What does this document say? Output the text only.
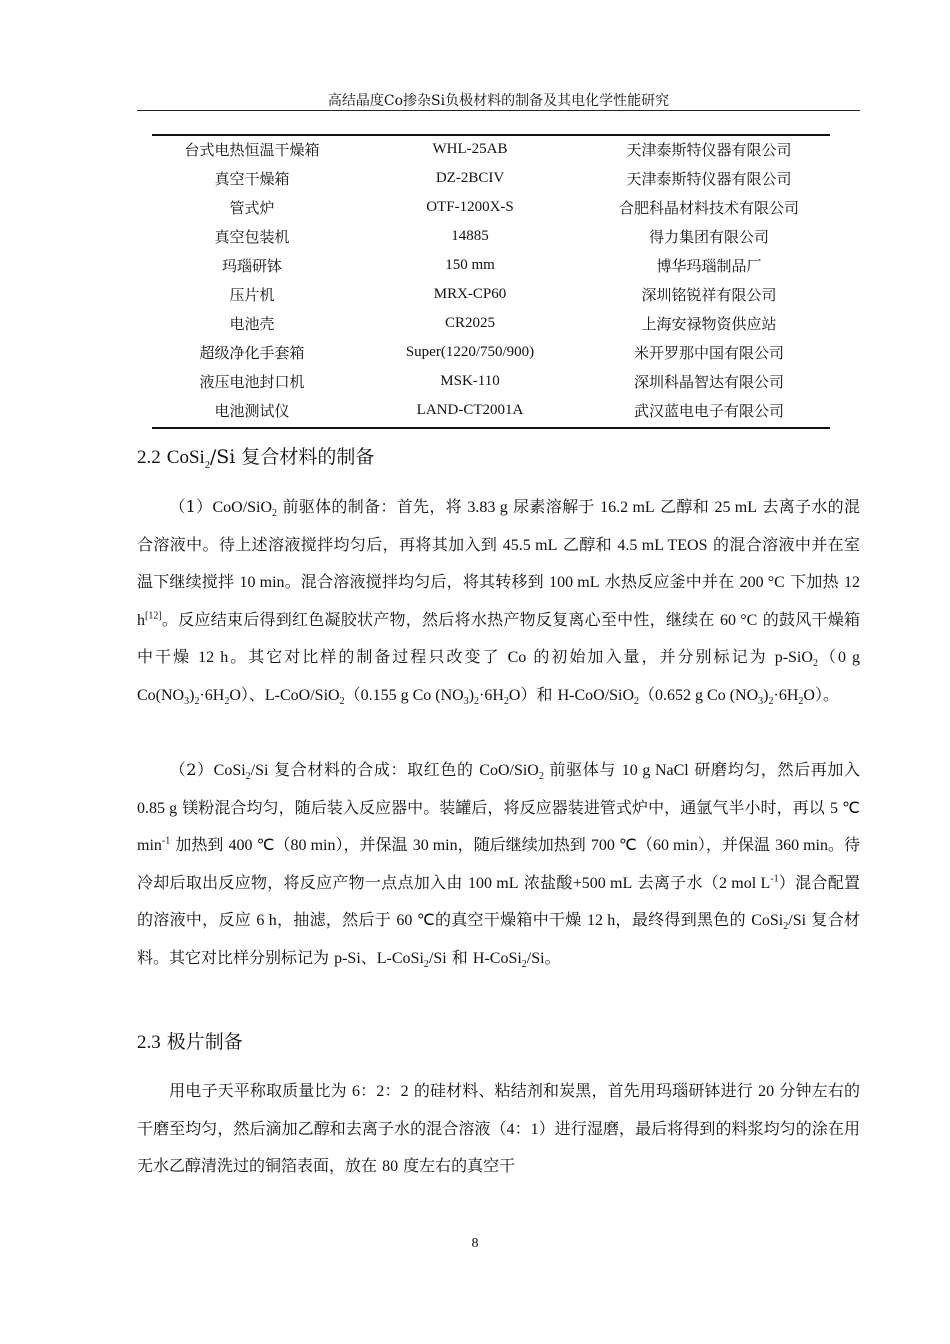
高结晶度Co掺杂Si负极材料的制备及其电化学性能研究
台式电热恒温干燥箱	WHL-25AB	天津泰斯特仪器有限公司
真空干燥箱	DZ-2BCIV	天津泰斯特仪器有限公司
管式炉	OTF-1200X-S	合肥科晶材料技术有限公司
真空包装机	14885	得力集团有限公司
玛瑙研钵	150 mm	博华玛瑙制品厂
压片机	MRX-CP60	深圳铭锐祥有限公司
电池壳	CR2025	上海安禄物资供应站
超级净化手套箱	Super(1220/750/900)	米开罗那中国有限公司
液压电池封口机	MSK-110	深圳科晶智达有限公司
电池测试仪	LAND-CT2001A	武汉蓝电电子有限公司
2.2 CoSi$_2$/Si 复合材料的制备

（1）CoO/SiO$_2$ 前驱体的制备：首先，将 3.83 g 尿素溶解于 16.2 mL 乙醇和 25 mL 去离子水的混合溶液中。待上述溶液搅拌均匀后，再将其加入到 45.5 mL 乙醇和 4.5 mL TEOS 的混合溶液中并在室温下继续搅拌 10 min。混合溶液搅拌均匀后，将其转移到 100 mL 水热反应釜中并在 200 °C 下加热 12 h[12]。反应结束后得到红色凝胶状产物，然后将水热产物反复离心至中性，继续在 60 °C 的鼓风干燥箱中干燥 12 h。其它对比样的制备过程只改变了 Co 的初始加入量，并分别标记为 p-SiO$_2$（0 g $Co(NO_3)_2\cdot 6H_2O$）、L-CoO/SiO$_2$（0.155 g Co $(NO_3)_2\cdot 6H_2O$）和 H-CoO/SiO$_2$（0.652 g Co $(NO_3)_2\cdot 6H_2O$）。

（2）CoSi$_2$/Si 复合材料的合成：取红色的 CoO/SiO$_2$ 前驱体与 10 g NaCl 研磨均匀，然后再加入 0.85 g 镁粉混合均匀，随后装入反应器中。装罐后，将反应器装进管式炉中，通氩气半小时，再以 5 ℃ $\min^{-1}$ 加热到 400 ℃（80 min），并保温 30 min，随后继续加热到 700 ℃（60 min），并保温 360 min。待冷却后取出反应物，将反应产物一点点加入由 100 mL 浓盐酸+500 mL 去离子水（2 mol $L^{-1}$）混合配置的溶液中，反应 6 h，抽滤，然后于 60 ℃的真空干燥箱中干燥 12 h，最终得到黑色的 CoSi$_2$/Si 复合材料。其它对比样分别标记为 p-Si、L-CoSi$_2$/Si 和 H-CoSi$_2$/Si。

2.3 极片制备

用电子天平称取质量比为 6：2：2 的硅材料、粘结剂和炭黑，首先用玛瑙研钵进行 20 分钟左右的干磨至均匀，然后滴加乙醇和去离子水的混合溶液（4：1）进行湿磨，最后将得到的料浆均匀的涂在用无水乙醇清洗过的铜箔表面，放在 80 度左右的真空干

8
